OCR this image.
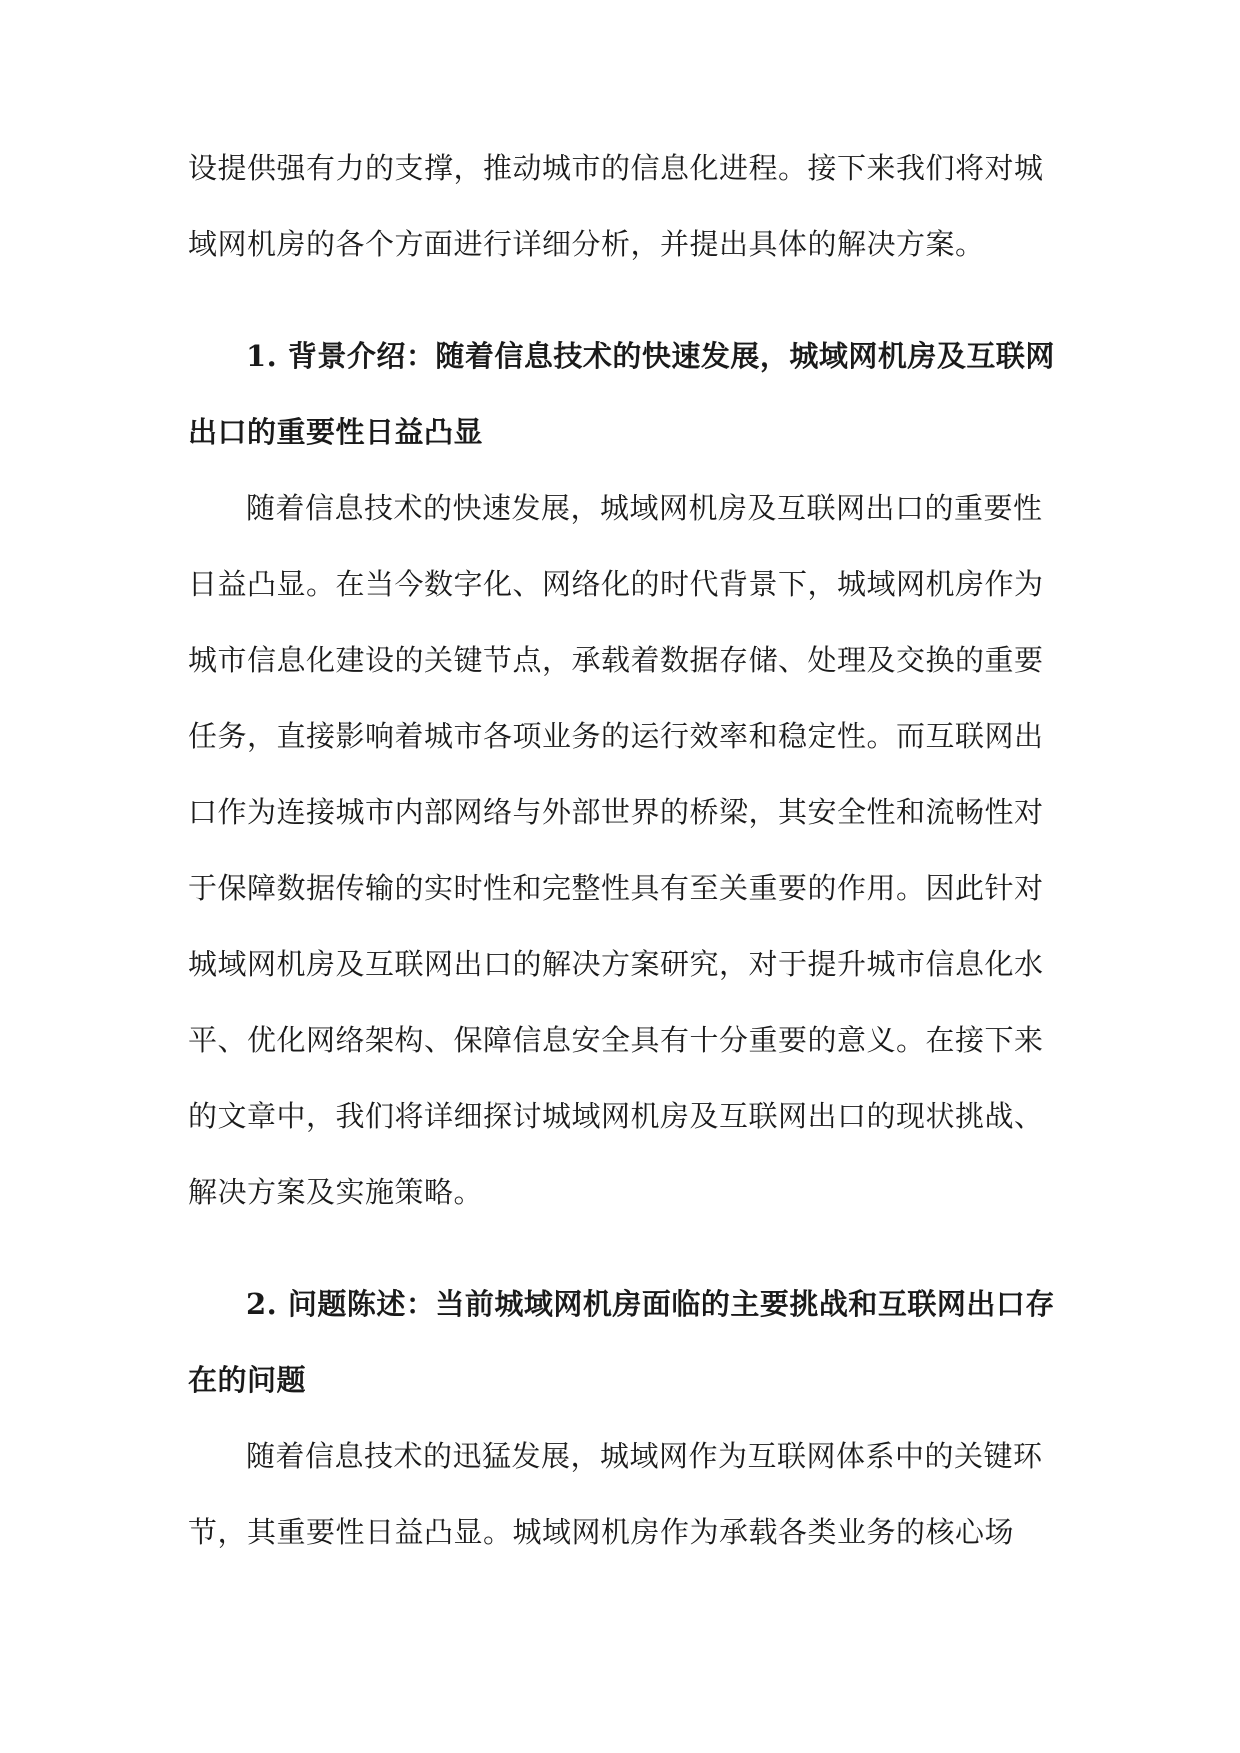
设提供强有力的支撑，推动城市的信息化进程。接下来我们将对城
域网机房的各个方面进行详细分析，并提出具体的解决方案。
1. 背景介绍：随着信息技术的快速发展，城域网机房及互联网
出口的重要性日益凸显
随着信息技术的快速发展，城域网机房及互联网出口的重要性
日益凸显。在当今数字化、网络化的时代背景下，城域网机房作为
城市信息化建设的关键节点，承载着数据存储、处理及交换的重要
任务，直接影响着城市各项业务的运行效率和稳定性。而互联网出
口作为连接城市内部网络与外部世界的桥梁，其安全性和流畅性对
于保障数据传输的实时性和完整性具有至关重要的作用。因此针对
城域网机房及互联网出口的解决方案研究，对于提升城市信息化水
平、优化网络架构、保障信息安全具有十分重要的意义。在接下来
的文章中，我们将详细探讨城域网机房及互联网出口的现状挑战、
解决方案及实施策略。
2. 问题陈述：当前城域网机房面临的主要挑战和互联网出口存
在的问题
随着信息技术的迅猛发展，城域网作为互联网体系中的关键环
节，其重要性日益凸显。城域网机房作为承载各类业务的核心场
